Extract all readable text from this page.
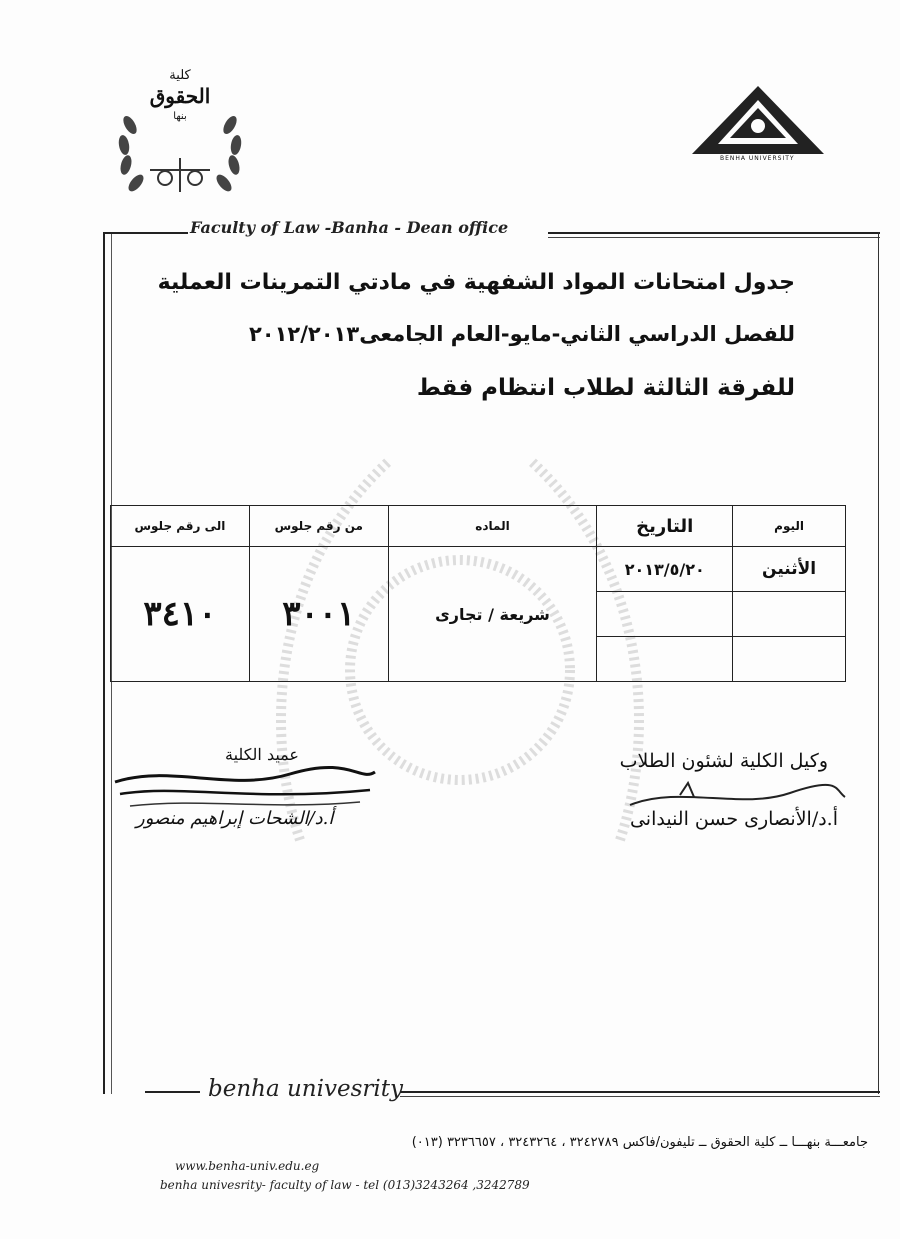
كلية
الحقوق
بنها
BENHA UNIVERSITY
Faculty of Law -Banha - Dean office
جدول امتحانات المواد الشفهية في مادتي التمرينات العملية
للفصل الدراسي الثاني-مايو-العام الجامعى٢٠١٢/٢٠١٣
للفرقة الثالثة لطلاب انتظام فقط
اليوم	التاريخ	الماده	من رقم جلوس	الى رقم جلوس
الأثنين	٢٠١٣/٥/٢٠	شريعة / تجارى	٣٠٠١	٣٤١٠

وكيل الكلية لشئون الطلاب
أ.د/الأنصارى حسن النيدانى
عميد الكلية
أ.د/الشحات إبراهيم منصور
benha univesrity
جامعـــة بنهـــا ــ كلية الحقوق ــ تليفون/فاكس ٣٢٤٢٧٨٩ ، ٣٢٤٣٢٦٤ ، ٣٢٣٦٦٥٧ (٠١٣)
www.benha-univ.edu.eg
benha univesrity- faculty of law - tel (013)3243264 ,3242789
